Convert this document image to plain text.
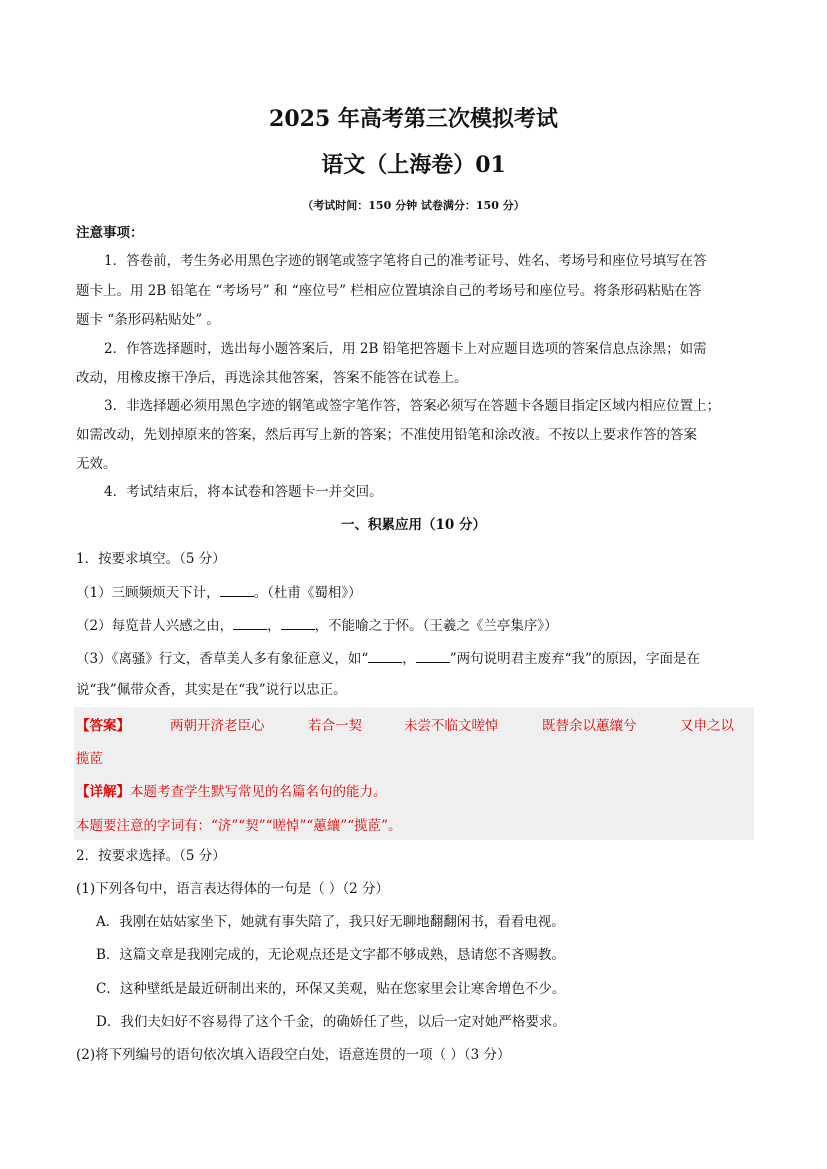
2025 年高考第三次模拟考试
语文（上海卷）01
（考试时间：150 分钟 试卷满分：150 分）
注意事项：
1．答卷前，考生务必用黑色字迹的钢笔或签字笔将自己的准考证号、姓名、考场号和座位号填写在答
题卡上。用 2B 铅笔在 “考场号” 和 “座位号” 栏相应位置填涂自己的考场号和座位号。将条形码粘贴在答
题卡 “条形码粘贴处” 。
2．作答选择题时，选出每小题答案后，用 2B 铅笔把答题卡上对应题目选项的答案信息点涂黑；如需
改动，用橡皮擦干净后，再选涂其他答案，答案不能答在试卷上。
3．非选择题必须用黑色字迹的钢笔或签字笔作答，答案必须写在答题卡各题目指定区域内相应位置上；
如需改动，先划掉原来的答案，然后再写上新的答案；不准使用铅笔和涂改液。不按以上要求作答的答案
无效。
4．考试结束后，将本试卷和答题卡一并交回。
一、积累应用（10 分）
1．按要求填空。（5 分）
（1）三顾频烦天下计，	。（杜甫《蜀相》）
（2）每览昔人兴感之由，	，	，不能喻之于怀。（王羲之《兰亭集序》）
（3）《离骚》行文，香草美人多有象征意义，如“	，	”两句说明君主废弃“我”的原因，字面是在
说“我”佩带众香，其实是在“我”说行以忠正。
【答案】	两朝开济老臣心	若合一契	未尝不临文嗟悼	既替余以蕙纕兮	又申之以
揽茝
【详解】本题考查学生默写常见的名篇名句的能力。
本题要注意的字词有：“济”“契”“嗟悼”“蕙纕”“揽茝”。
2．按要求选择。（5 分）
(1)下列各句中，语言表达得体的一句是（ ）（2 分）
A．我刚在姑姑家坐下，她就有事失陪了，我只好无聊地翻翻闲书，看看电视。
B．这篇文章是我刚完成的，无论观点还是文字都不够成熟，恳请您不吝赐教。
C．这种壁纸是最近研制出来的，环保又美观，贴在您家里会让寒舍增色不少。
D．我们夫妇好不容易得了这个千金，的确娇任了些，以后一定对她严格要求。
(2)将下列编号的语句依次填入语段空白处，语意连贯的一项（ ）（3 分）
